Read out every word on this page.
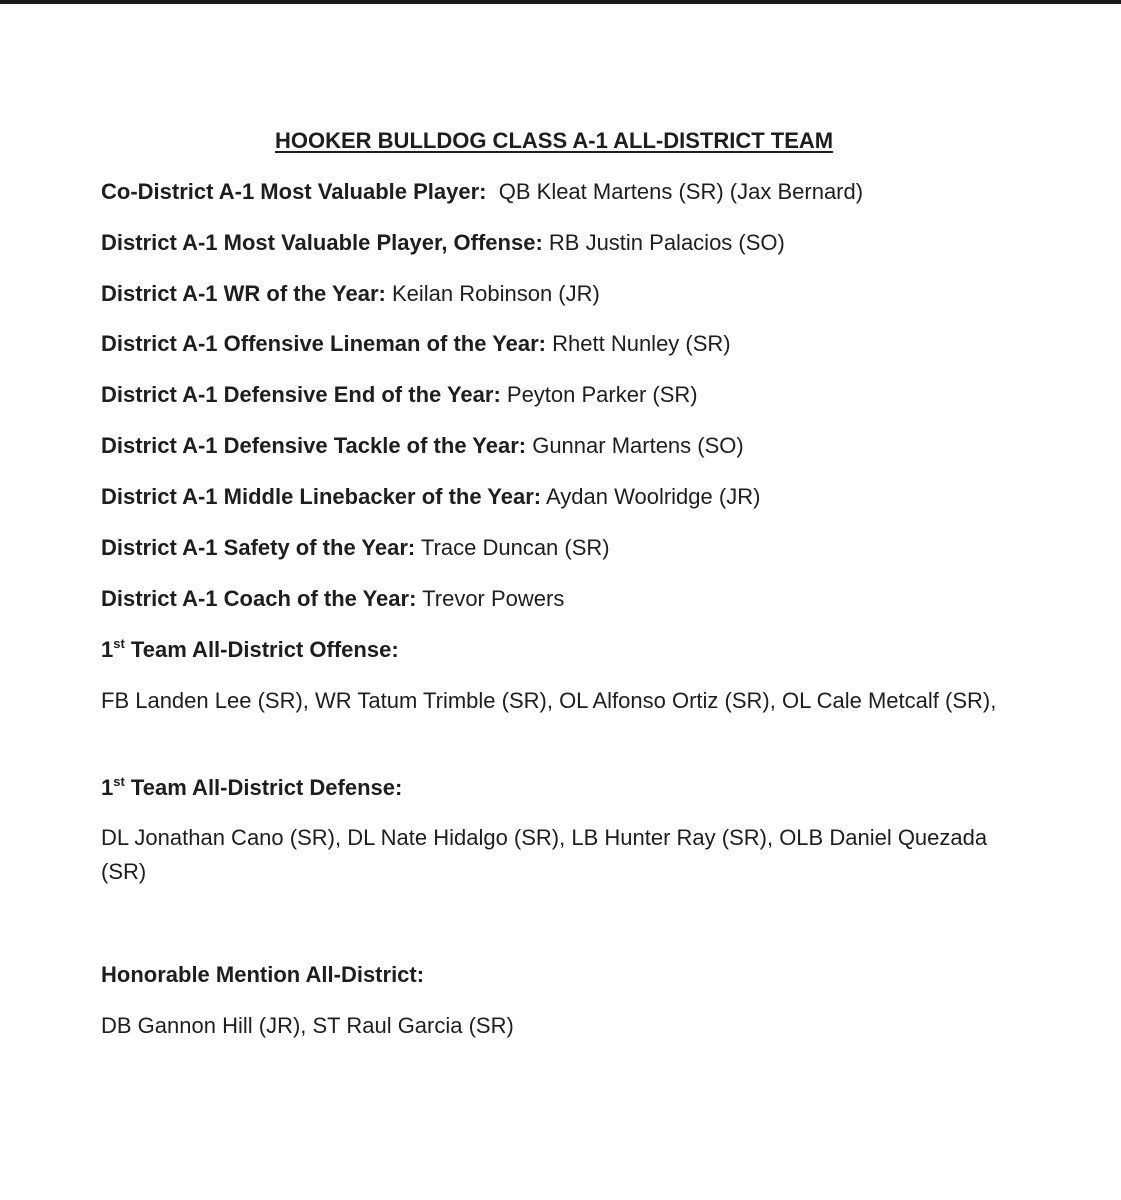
HOOKER BULLDOG CLASS A-1 ALL-DISTRICT TEAM
Co-District A-1 Most Valuable Player:  QB Kleat Martens (SR) (Jax Bernard)
District A-1 Most Valuable Player, Offense: RB Justin Palacios (SO)
District A-1 WR of the Year: Keilan Robinson (JR)
District A-1 Offensive Lineman of the Year: Rhett Nunley (SR)
District A-1 Defensive End of the Year: Peyton Parker (SR)
District A-1 Defensive Tackle of the Year: Gunnar Martens (SO)
District A-1 Middle Linebacker of the Year: Aydan Woolridge (JR)
District A-1 Safety of the Year: Trace Duncan (SR)
District A-1 Coach of the Year: Trevor Powers
1st Team All-District Offense:
FB Landen Lee (SR), WR Tatum Trimble (SR), OL Alfonso Ortiz (SR), OL Cale Metcalf (SR),
1st Team All-District Defense:
DL Jonathan Cano (SR), DL Nate Hidalgo (SR), LB Hunter Ray (SR), OLB Daniel Quezada (SR)
Honorable Mention All-District:
DB Gannon Hill (JR), ST Raul Garcia (SR)
